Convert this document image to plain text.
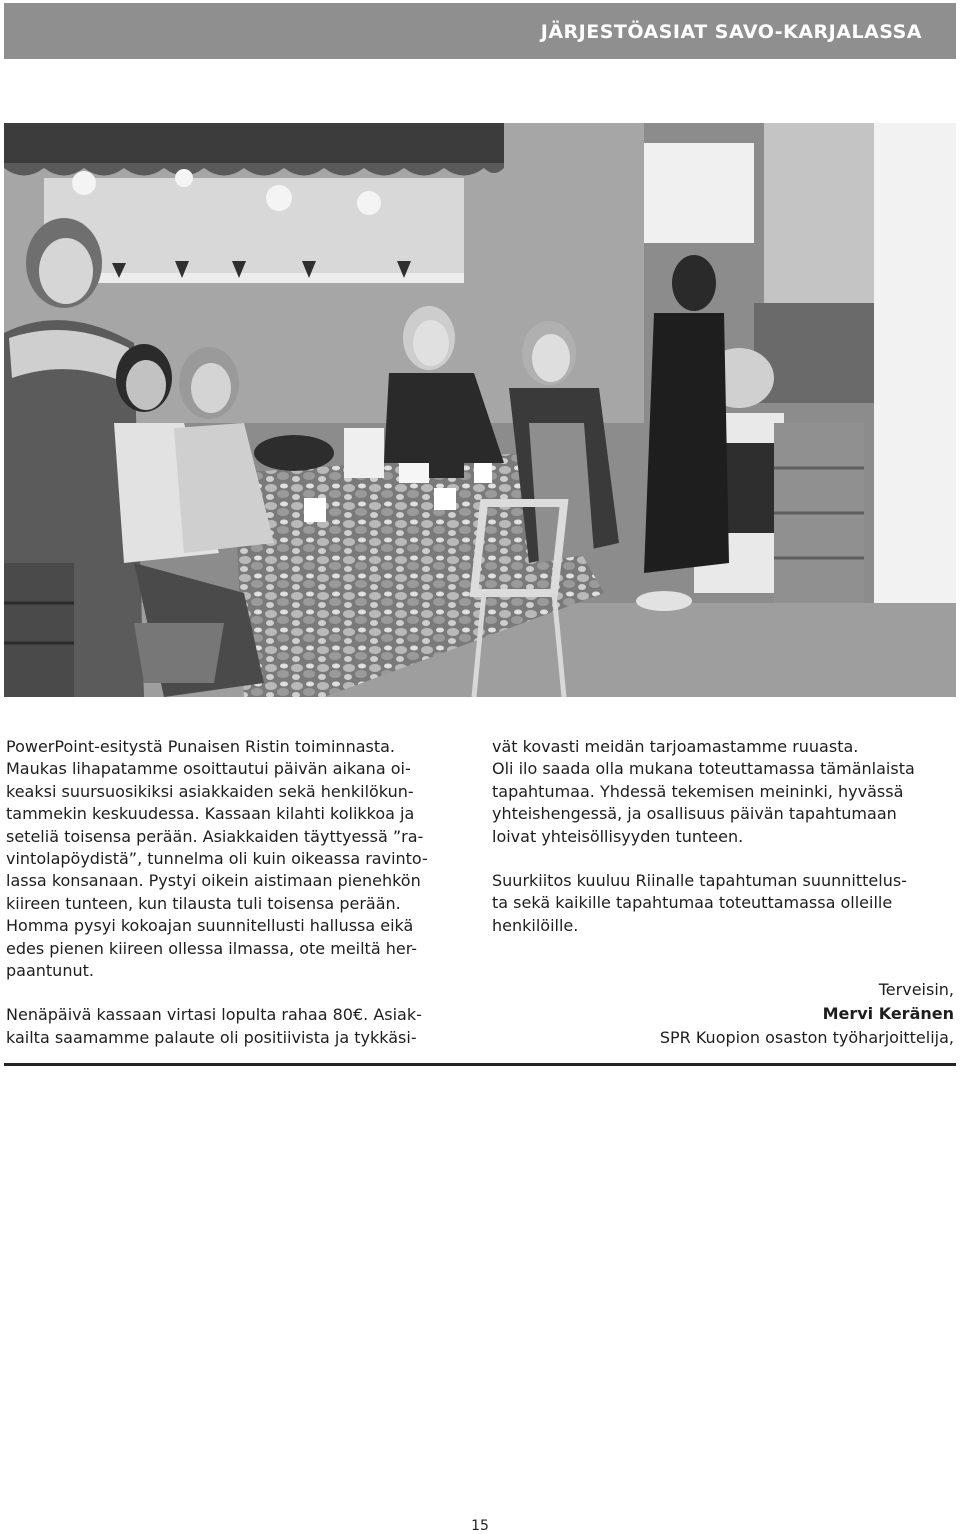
JÄRJESTÖASIAT SAVO-KARJALASSA

PowerPoint-esitystä Punaisen Ristin toiminnasta.
Maukas lihapatamme osoittautui päivän aikana oi-
keaksi suursuosikiksi asiakkaiden sekä henkilökun-
tammekin keskuudessa. Kassaan kilahti kolikkoa ja
seteliä toisensa perään. Asiakkaiden täyttyessä ”ra-
vintolapöydistä”, tunnelma oli kuin oikeassa ravinto-
lassa konsanaan. Pystyi oikein aistimaan pienehkön
kiireen tunteen, kun tilausta tuli toisensa perään.
Homma pysyi kokoajan suunnitellusti hallussa eikä
edes pienen kiireen ollessa ilmassa, ote meiltä her-
paantunut.

Nenäpäivä kassaan virtasi lopulta rahaa 80€. Asiak-
kailta saamamme palaute oli positiivista ja tykkäsi-

vät kovasti meidän tarjoamastamme ruuasta.
Oli ilo saada olla mukana toteuttamassa tämänlaista
tapahtumaa. Yhdessä tekemisen meininki, hyvässä
yhteishengessä, ja osallisuus päivän tapahtumaan
loivat yhteisöllisyyden tunteen.

Suurkiitos kuuluu Riinalle tapahtuman suunnittelus-
ta sekä kaikille tapahtumaa toteuttamassa olleille
henkilöille.

Terveisin,
Mervi Keränen
SPR Kuopion osaston työharjoittelija,
15
